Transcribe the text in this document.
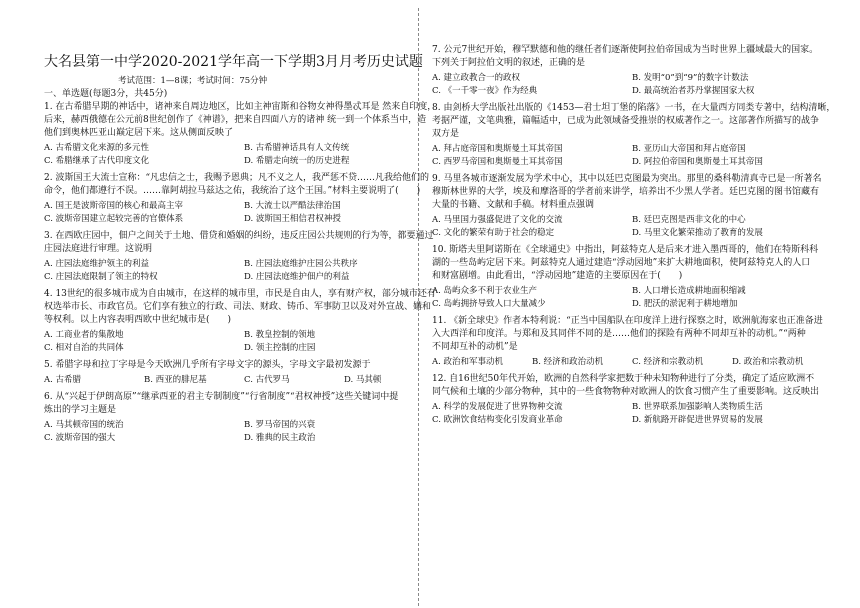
大名县第一中学2020-2021学年高一下学期3月月考历史试题
考试范围：1—8课；考试时间：75分钟
一、单选题(每题3分，共45分)
1. 在古希腊早期的神话中，诸神来自周边地区，比如主神宙斯和谷物女神得墨忒耳是 然来自印度，
后来，赫西俄德在公元前8世纪创作了《神谱》，把来自四面八方的诸神 统一到一个体系当中，造
他们到奥林匹亚山巅定居下来。这从侧面反映了
A. 古希腊文化来源的多元性	B. 古希腊神话具有人文传统
C. 希腊继承了古代印度文化	D. 希腊走向统一的历史进程
2. 波斯国王大流士宣称：“凡忠信之士，我赐予恩典；凡不义之人，我严惩不贷……凡我给他们的
命令，他们都遵行不误。……靠阿胡拉马兹达之佑，我统治了这个王国。”材料主要说明了(　　)
A. 国王是波斯帝国的核心和最高主宰	B. 大流士以严酷法律治国
C. 波斯帝国建立起较完善的官僚体系	D. 波斯国王相信君权神授
3. 在西欧庄园中，佃户之间关于土地、借贷和婚姻的纠纷，违反庄园公共规则的行为等，都要通过
庄园法庭进行审理。这说明
A. 庄园法庭维护领主的利益	B. 庄园法庭维护庄园公共秩序
C. 庄园法庭限制了领主的特权	D. 庄园法庭维护佃户的利益
4. 13世纪的很多城市成为自由城市，在这样的城市里，市民是自由人，享有财产权，部分城市还有
权选举市长、市政官员。它们享有独立的行政、司法、财政、铸币、军事防卫以及对外宣战、媾和
等权利。以上内容表明西欧中世纪城市是(　　)
A. 工商业者的集散地	B. 教皇控制的领地
C. 相对自治的共同体	D. 领主控制的庄园
5. 希腊字母和拉丁字母是今天欧洲几乎所有字母文字的源头，字母文字最初发源于
A. 古希腊	B. 西亚的腓尼基	C. 古代罗马	D. 马其顿
6. 从“兴起于伊朗高原”“继承西亚的君主专制制度”“行省制度”“君权神授”这些关键词中提
炼出的学习主题是
A. 马其顿帝国的统治	B. 罗马帝国的兴衰
C. 波斯帝国的强大	D. 雅典的民主政治
7. 公元7世纪开始，穆罕默德和他的继任者们逐渐使阿拉伯帝国成为当时世界上疆域最大的国家。
下列关于阿拉伯文明的叙述，正确的是
A. 建立政教合一的政权	B. 发明“0”到“9”的数字计数法
C. 《一千零一夜》作为经典	D. 最高统治者苏丹掌握国家大权
8. 由剑桥大学出版社出版的《1453—君士坦丁堡的陷落》一书，在大量西方同类专著中，结构清晰，
考据严谨，文笔典雅，篇幅适中，已成为此领域备受推崇的权威著作之一。这部著作所描写的战争
双方是
A. 拜占庭帝国和奥斯曼土耳其帝国	B. 亚历山大帝国和拜占庭帝国
C. 西罗马帝国和奥斯曼土耳其帝国	D. 阿拉伯帝国和奥斯曼土耳其帝国
9. 马里各城市逐渐发展为学术中心，其中以廷巴克图最为突出。那里的桑科勒清真寺已是一所著名
穆斯林世界的大学，埃及和摩洛哥的学者前来讲学，培养出不少黑人学者。廷巴克图的图书馆藏有
大量的书籍、文献和手稿。材料重点强调
A. 马里国力强盛促进了文化的交流	B. 廷巴克图是西非文化的中心
C. 文化的繁荣有助于社会的稳定	D. 马里文化繁荣推动了教育的发展
10. 斯塔夫里阿诺斯在《全球通史》中指出，阿兹特克人是后来才进入墨西哥的，他们在特斯科科
湖的一些岛屿定居下来。阿兹特克人通过建造“浮动园地”来扩大耕地面积，使阿兹特克人的人口
和财富剧增。由此看出，“浮动园地”建造的主要原因在于(　　)
A. 岛屿众多不利于农业生产	B. 人口增长造成耕地面积缩减
C. 岛屿拥挤导致人口大量减少	D. 肥沃的淤泥利于耕地增加
11. 《新全球史》作者本特利说：“正当中国船队在印度洋上进行探察之时，欧洲航海家也正准备进
入大西洋和印度洋。与郑和及其同伴不同的是……他们的探险有两种不同却互补的动机。”“两种
不同却互补的动机”是
A. 政治和军事动机	B. 经济和政治动机	C. 经济和宗教动机	D. 政治和宗教动机
12. 自16世纪50年代开始，欧洲的自然科学家把数于种未知物种进行了分类，确定了适应欧洲不
同气候和土壤的少部分物种，其中的一些食物物种对欧洲人的饮食习惯产生了重要影响。这反映出
A. 科学的发展促进了世界物种交流	B. 世界联系加强影响人类物质生活
C. 欧洲饮食结构变化引发商业革命	D. 新航路开辟促进世界贸易的发展
